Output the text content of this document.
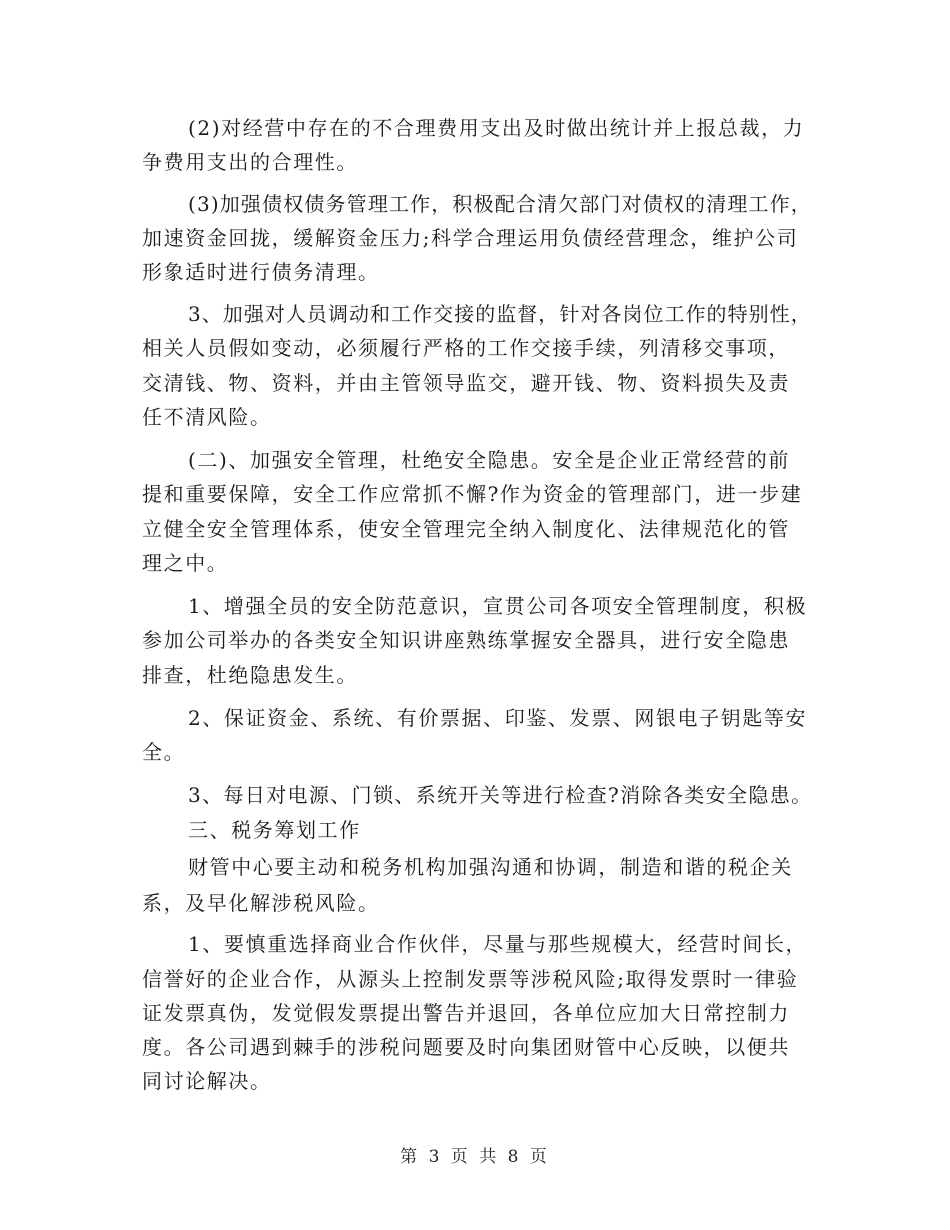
(2)对经营中存在的不合理费用支出及时做出统计并上报总裁，力
争费用支出的合理性。
(3)加强债权债务管理工作，积极配合清欠部门对债权的清理工作，
加速资金回拢，缓解资金压力;科学合理运用负债经营理念，维护公司
形象适时进行债务清理。
3、加强对人员调动和工作交接的监督，针对各岗位工作的特别性，
相关人员假如变动，必须履行严格的工作交接手续，列清移交事项，
交清钱、物、资料，并由主管领导监交，避开钱、物、资料损失及责
任不清风险。
(二)、加强安全管理，杜绝安全隐患。安全是企业正常经营的前
提和重要保障，安全工作应常抓不懈?作为资金的管理部门，进一步建
立健全安全管理体系，使安全管理完全纳入制度化、法律规范化的管
理之中。
1、增强全员的安全防范意识，宣贯公司各项安全管理制度，积极
参加公司举办的各类安全知识讲座熟练掌握安全器具，进行安全隐患
排查，杜绝隐患发生。
2、保证资金、系统、有价票据、印鉴、发票、网银电子钥匙等安
全。
3、每日对电源、门锁、系统开关等进行检查?消除各类安全隐患。
三、税务筹划工作
财管中心要主动和税务机构加强沟通和协调，制造和谐的税企关
系，及早化解涉税风险。
1、要慎重选择商业合作伙伴，尽量与那些规模大，经营时间长，
信誉好的企业合作，从源头上控制发票等涉税风险;取得发票时一律验
证发票真伪，发觉假发票提出警告并退回，各单位应加大日常控制力
度。各公司遇到棘手的涉税问题要及时向集团财管中心反映，以便共
同讨论解决。
第 3 页 共 8 页
